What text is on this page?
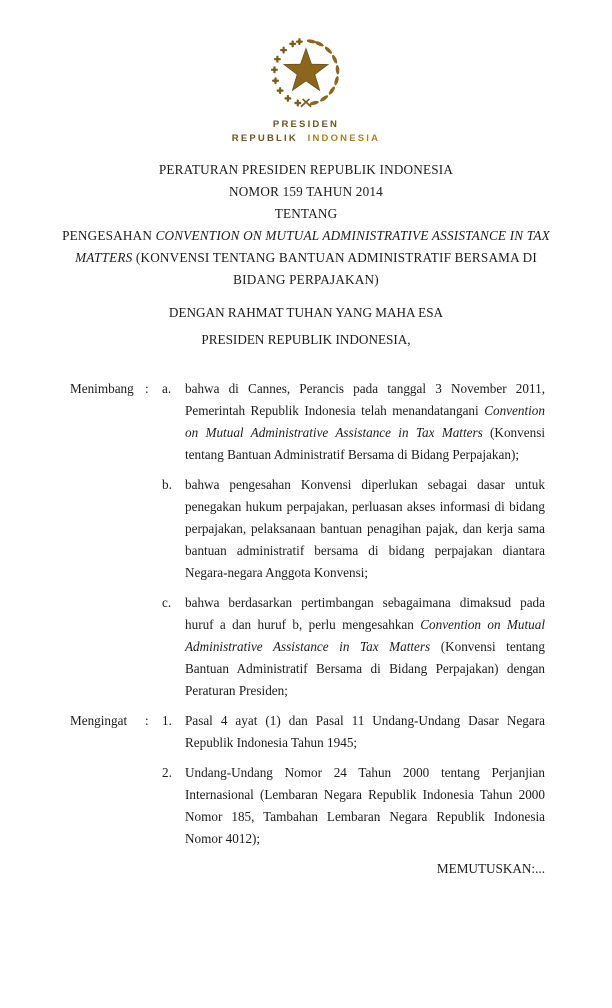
PRESIDEN
REPUBLIK INDONESIA
PERATURAN PRESIDEN REPUBLIK INDONESIA
NOMOR 159 TAHUN 2014
TENTANG
PENGESAHAN CONVENTION ON MUTUAL ADMINISTRATIVE ASSISTANCE IN TAX
MATTERS (KONVENSI TENTANG BANTUAN ADMINISTRATIF BERSAMA DI
BIDANG PERPAJAKAN)
DENGAN RAHMAT TUHAN YANG MAHA ESA
PRESIDEN REPUBLIK INDONESIA,
Menimbang :	a.	bahwa di Cannes, Perancis pada tanggal 3 November 2011, Pemerintah Republik Indonesia telah menandatangani Convention on Mutual Administrative Assistance in Tax Matters (Konvensi tentang Bantuan Administratif Bersama di Bidang Perpajakan);
b. bahwa pengesahan Konvensi diperlukan sebagai dasar untuk penegakan hukum perpajakan, perluasan akses informasi di bidang perpajakan, pelaksanaan bantuan penagihan pajak, dan kerja sama bantuan administratif bersama di bidang perpajakan diantara Negara-negara Anggota Konvensi;
c.	bahwa berdasarkan pertimbangan sebagaimana dimaksud pada huruf a dan huruf b, perlu mengesahkan Convention on Mutual Administrative Assistance in Tax Matters (Konvensi tentang Bantuan Administratif Bersama di Bidang Perpajakan) dengan Peraturan Presiden;
Mengingat	:	1. Pasal 4 ayat (1) dan Pasal 11 Undang-Undang Dasar Negara Republik Indonesia Tahun 1945;
2. Undang-Undang Nomor 24 Tahun 2000 tentang Perjanjian Internasional (Lembaran Negara Republik Indonesia Tahun 2000 Nomor 185, Tambahan Lembaran Negara Republik Indonesia Nomor 4012);
MEMUTUSKAN:...
